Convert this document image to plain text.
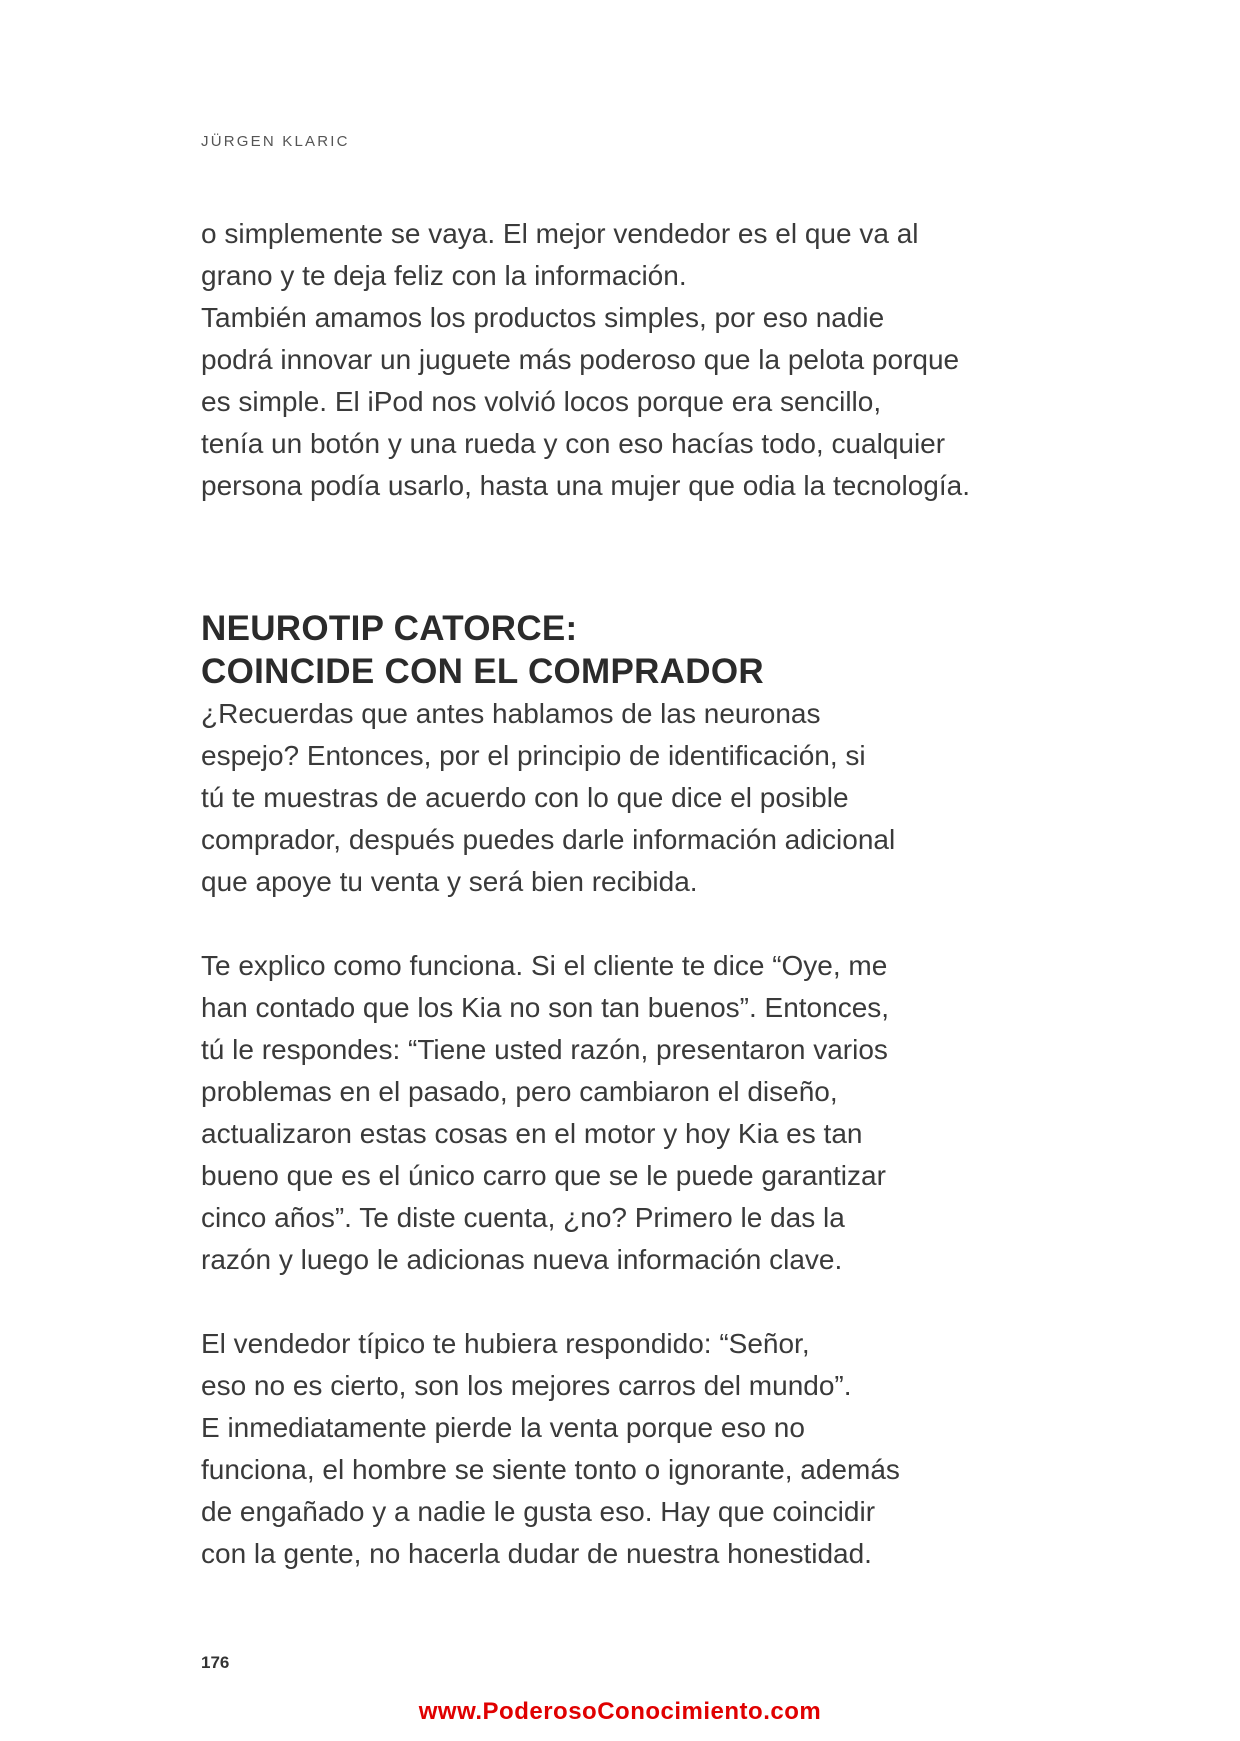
JÜRGEN KLARIC
o simplemente se vaya. El mejor vendedor es el que va al
grano y te deja feliz con la información.
También amamos los productos simples, por eso nadie
podrá innovar un juguete más poderoso que la pelota porque
es simple. El iPod nos volvió locos porque era sencillo,
tenía un botón y una rueda y con eso hacías todo, cualquier
persona podía usarlo, hasta una mujer que odia la tecnología.
NEUROTIP CATORCE:
COINCIDE CON EL COMPRADOR
¿Recuerdas que antes hablamos de las neuronas
espejo? Entonces, por el principio de identificación, si
tú te muestras de acuerdo con lo que dice el posible
comprador, después puedes darle información adicional
que apoye tu venta y será bien recibida.
Te explico como funciona. Si el cliente te dice “Oye, me
han contado que los Kia no son tan buenos”. Entonces,
tú le respondes: “Tiene usted razón, presentaron varios
problemas en el pasado, pero cambiaron el diseño,
actualizaron estas cosas en el motor y hoy Kia es tan
bueno que es el único carro que se le puede garantizar
cinco años”. Te diste cuenta, ¿no? Primero le das la
razón y luego le adicionas nueva información clave.
El vendedor típico te hubiera respondido: “Señor,
eso no es cierto, son los mejores carros del mundo”.
E inmediatamente pierde la venta porque eso no
funciona, el hombre se siente tonto o ignorante, además
de engañado y a nadie le gusta eso. Hay que coincidir
con la gente, no hacerla dudar de nuestra honestidad.
176
www.PoderosoConocimiento.com
